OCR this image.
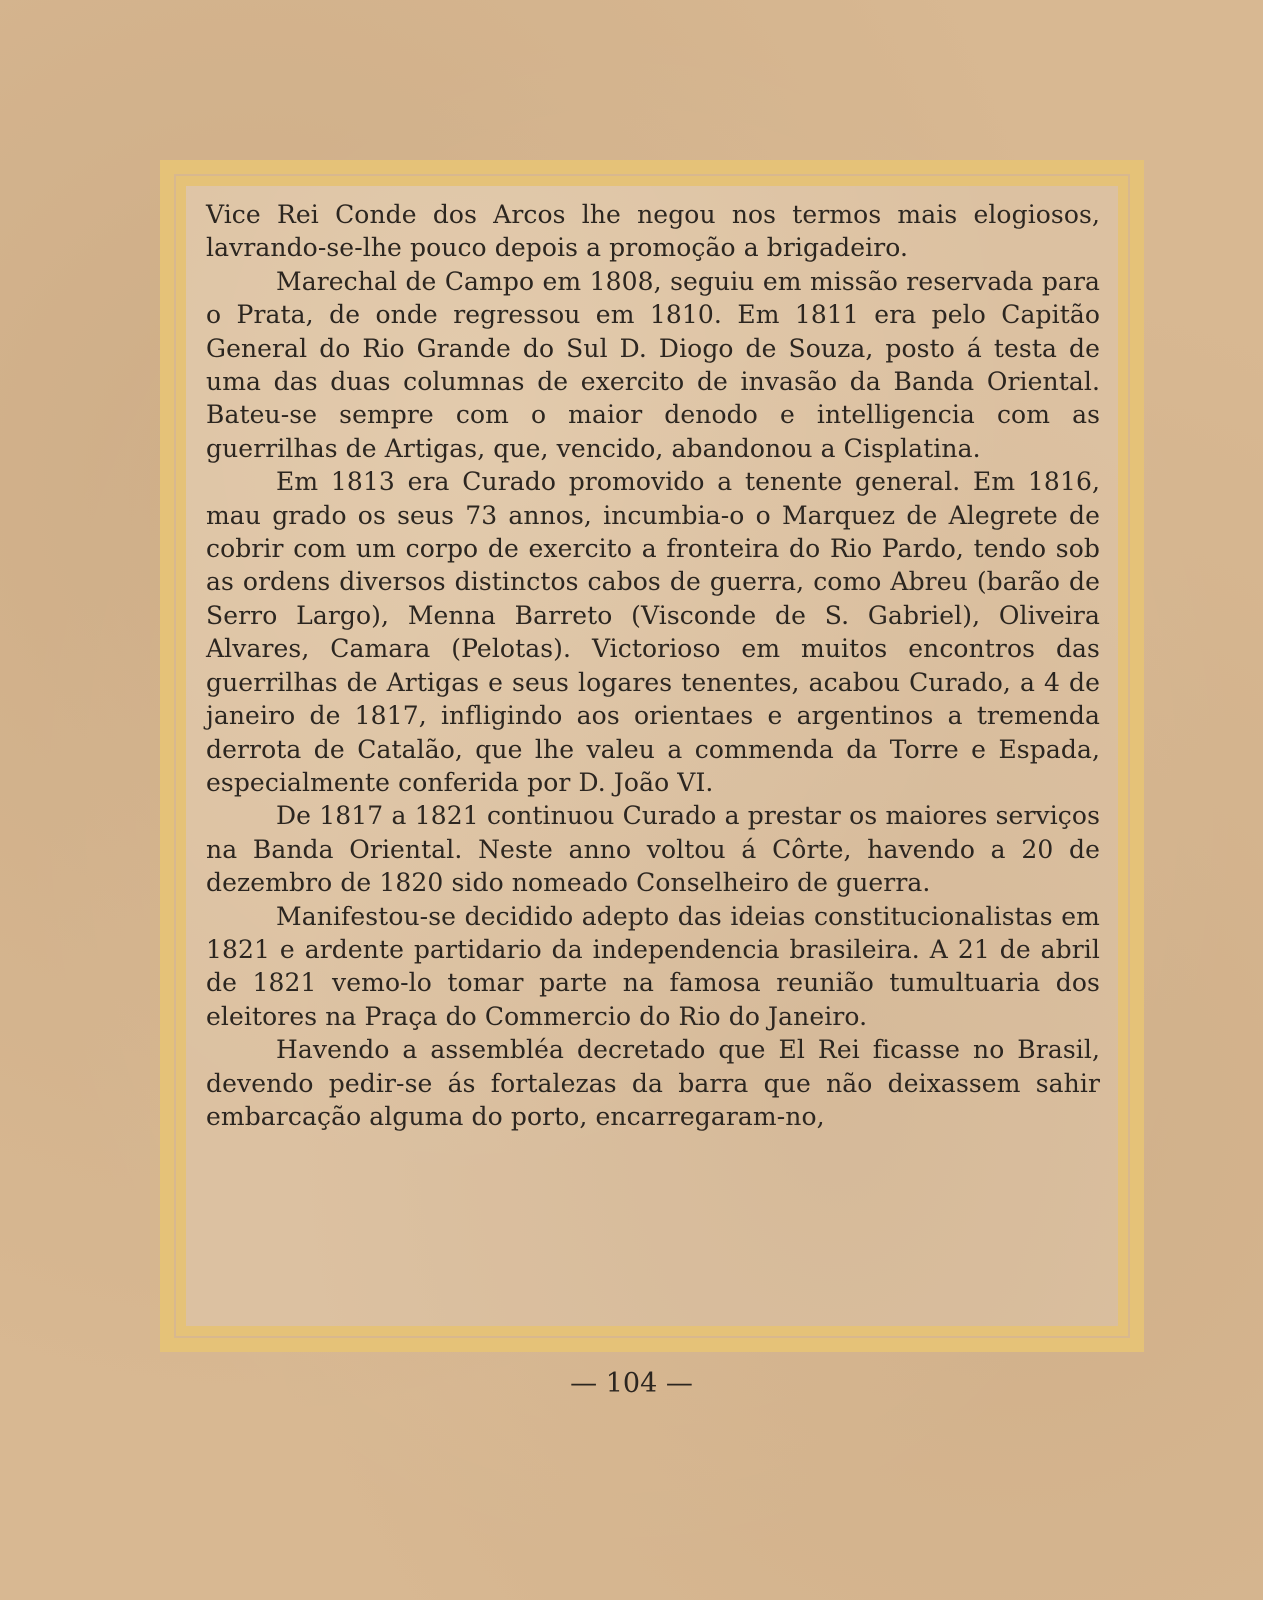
Vice Rei Conde dos Arcos lhe negou nos termos mais elogiosos, lavrando-se-lhe pouco depois a promoção a brigadeiro.

Marechal de Campo em 1808, seguiu em missão reservada para o Prata, de onde regressou em 1810. Em 1811 era pelo Capitão General do Rio Grande do Sul D. Diogo de Souza, posto á testa de uma das duas columnas de exercito de invasão da Banda Oriental. Bateu-se sempre com o maior denodo e intelligencia com as guerrilhas de Artigas, que, vencido, abandonou a Cisplatina.

Em 1813 era Curado promovido a tenente general. Em 1816, mau grado os seus 73 annos, incumbia-o o Marquez de Alegrete de cobrir com um corpo de exercito a fronteira do Rio Pardo, tendo sob as ordens diversos distinctos cabos de guerra, como Abreu (barão de Serro Largo), Menna Barreto (Visconde de S. Gabriel), Oliveira Alvares, Camara (Pelotas). Victorioso em muitos encontros das guerrilhas de Artigas e seus logares tenentes, acabou Curado, a 4 de janeiro de 1817, infligindo aos orientaes e argentinos a tremenda derrota de Catalão, que lhe valeu a commenda da Torre e Espada, especialmente conferida por D. João VI.

De 1817 a 1821 continuou Curado a prestar os maiores serviços na Banda Oriental. Neste anno voltou á Côrte, havendo a 20 de dezembro de 1820 sido nomeado Conselheiro de guerra.

Manifestou-se decidido adepto das ideias constitucionalistas em 1821 e ardente partidario da independencia brasileira. A 21 de abril de 1821 vemo-lo tomar parte na famosa reunião tumultuaria dos eleitores na Praça do Commercio do Rio do Janeiro.

Havendo a assembléa decretado que El Rei ficasse no Brasil, devendo pedir-se ás fortalezas da barra que não deixassem sahir embarcação alguma do porto, encarregaram-no,

— 104 —
